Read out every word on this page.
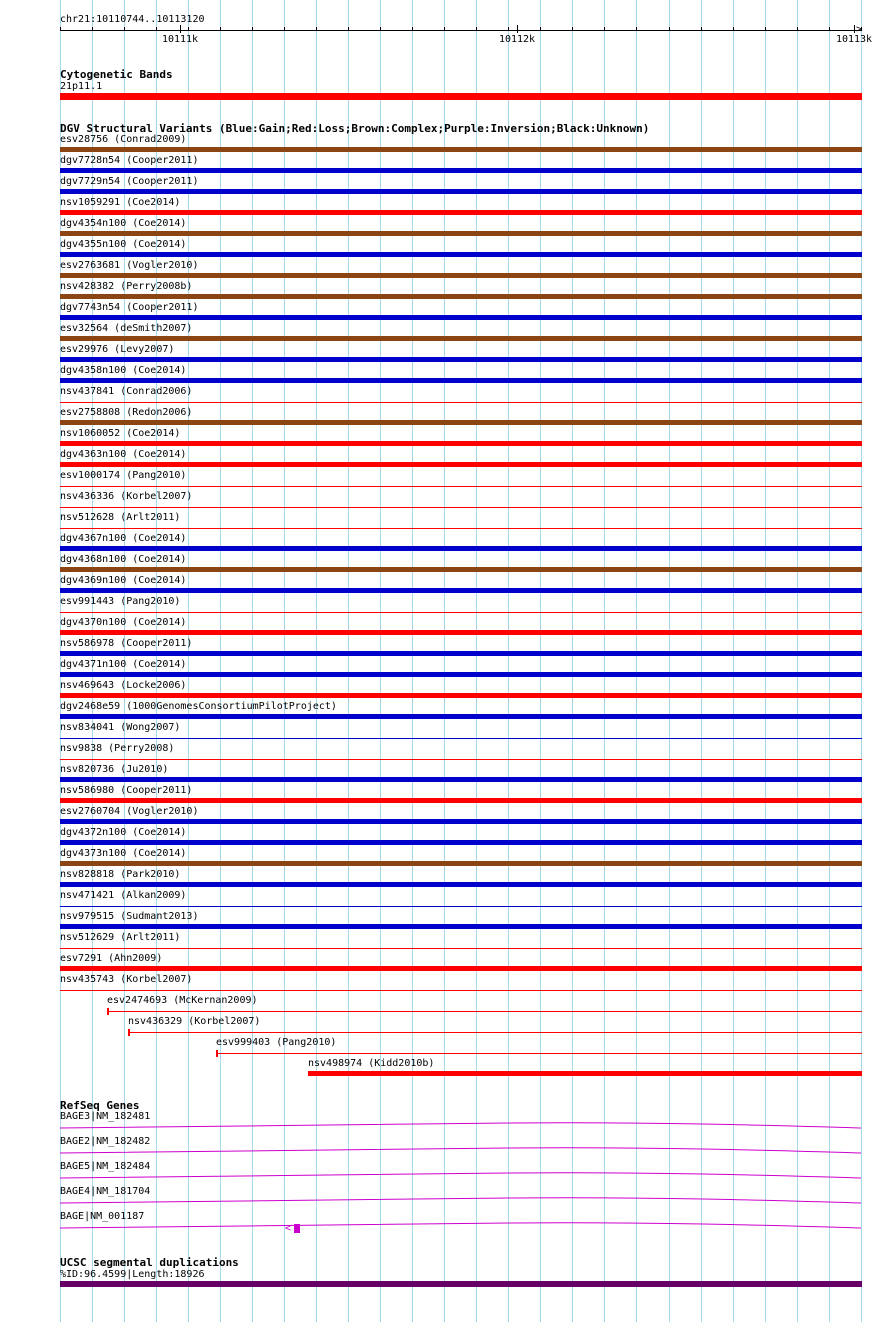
chr21:10110744..10113120
10111k	10112k	10113k
>
Cytogenetic Bands
21p11.1
DGV Structural Variants (Blue:Gain;Red:Loss;Brown:Complex;Purple:Inversion;Black:Unknown)
esv28756 (Conrad2009)
dgv7728n54 (Cooper2011)
dgv7729n54 (Cooper2011)
nsv1059291 (Coe2014)
dgv4354n100 (Coe2014)
dgv4355n100 (Coe2014)
esv2763681 (Vogler2010)
nsv428382 (Perry2008b)
dgv7743n54 (Cooper2011)
esv32564 (deSmith2007)
esv29976 (Levy2007)
dgv4358n100 (Coe2014)
nsv437841 (Conrad2006)
esv2758808 (Redon2006)
nsv1060052 (Coe2014)
dgv4363n100 (Coe2014)
esv1000174 (Pang2010)
nsv436336 (Korbel2007)
nsv512628 (Arlt2011)
dgv4367n100 (Coe2014)
dgv4368n100 (Coe2014)
dgv4369n100 (Coe2014)
esv991443 (Pang2010)
dgv4370n100 (Coe2014)
nsv586978 (Cooper2011)
dgv4371n100 (Coe2014)
nsv469643 (Locke2006)
dgv2468e59 (1000GenomesConsortiumPilotProject)
nsv834041 (Wong2007)
nsv9838 (Perry2008)
nsv820736 (Ju2010)
nsv586980 (Cooper2011)
esv2760704 (Vogler2010)
dgv4372n100 (Coe2014)
dgv4373n100 (Coe2014)
nsv828818 (Park2010)
nsv471421 (Alkan2009)
nsv979515 (Sudmant2013)
nsv512629 (Arlt2011)
esv7291 (Ahn2009)
nsv435743 (Korbel2007)
esv2474693 (McKernan2009)
nsv436329 (Korbel2007)
esv999403 (Pang2010)
nsv498974 (Kidd2010b)
RefSeq Genes
BAGE3|NM_182481
BAGE2|NM_182482
BAGE5|NM_182484
BAGE4|NM_181704
BAGE|NM_001187
<
UCSC segmental duplications
%ID:96.4599|Length:18926
